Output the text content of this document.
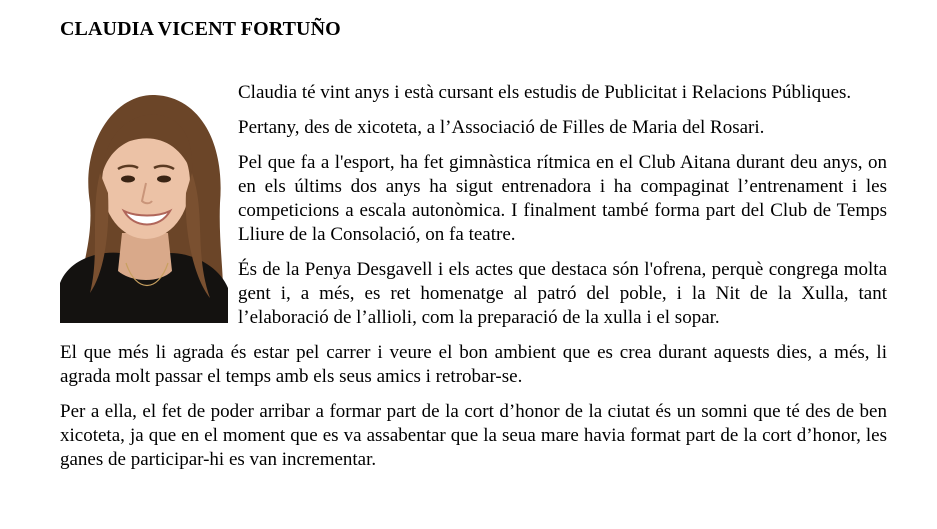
CLAUDIA VICENT FORTUÑO

Claudia té vint anys i està cursant els estudis de Publicitat i Relacions Públiques.

Pertany, des de xicoteta, a l’Associació de Filles de Maria del Rosari.

Pel que fa a l'esport, ha fet gimnàstica rítmica en el Club Aitana durant deu anys, on en els últims dos anys ha sigut entrenadora i ha compaginat l’entrenament i les competicions a escala autonòmica. I finalment també forma part del Club de Temps Lliure de la Consolació, on fa teatre.

És de la Penya Desgavell i els actes que destaca són l'ofrena, perquè congrega molta gent i, a més, es ret homenatge al patró del poble, i la Nit de la Xulla, tant l’elaboració de l’allioli, com la preparació de la xulla i el sopar.

El que més li agrada és estar pel carrer i veure el bon ambient que es crea durant aquests dies, a més, li agrada molt passar el temps amb els seus amics i retrobar-se.

Per a ella, el fet de poder arribar a formar part de la cort d’honor de la ciutat és un somni que té des de ben xicoteta, ja que en el moment que es va assabentar que la seua mare havia format part de la cort d’honor, les ganes de participar-hi es van incrementar.
